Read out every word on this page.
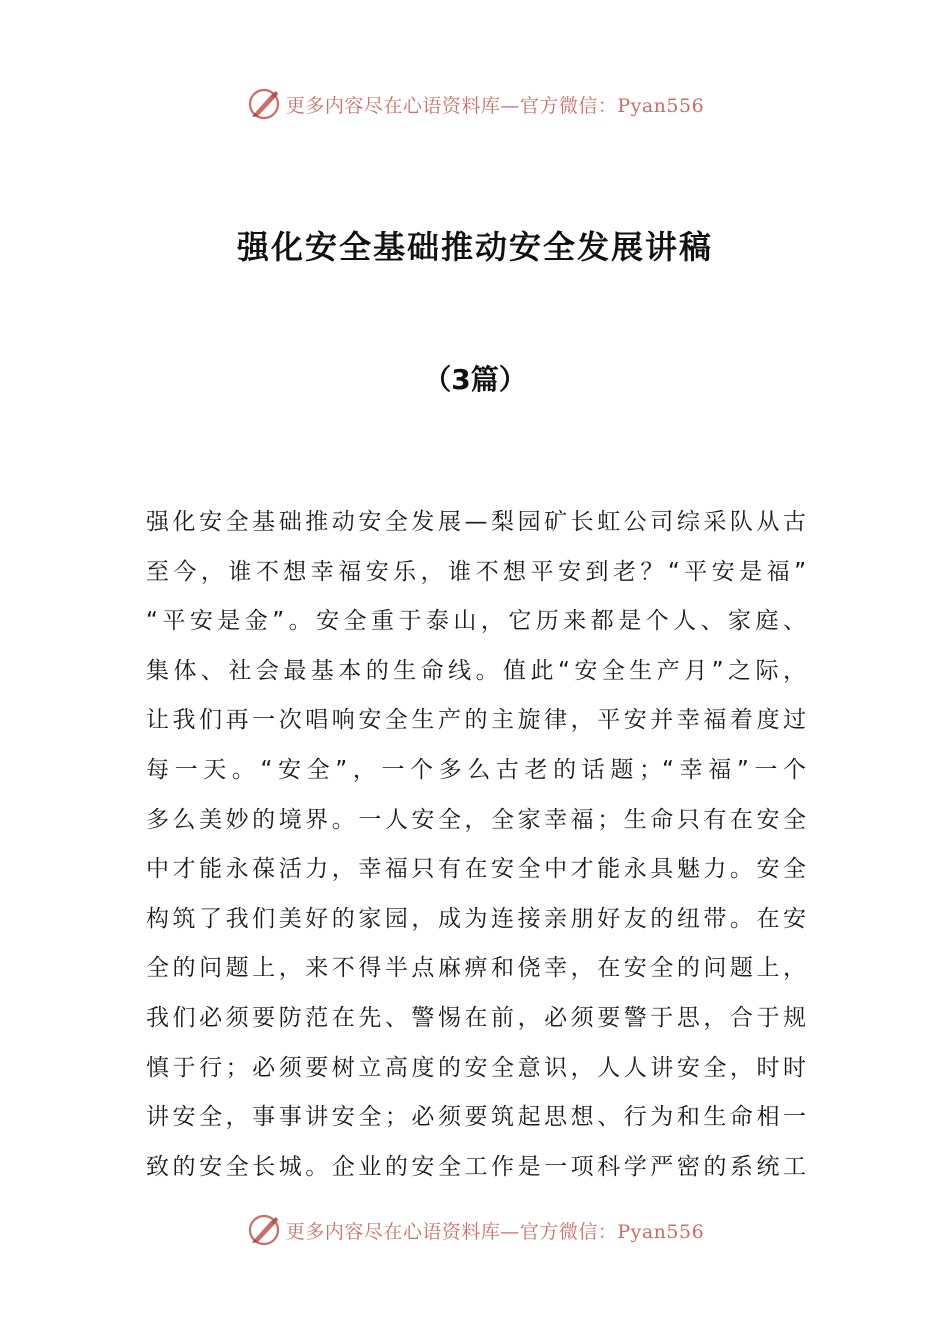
更多内容尽在心语资料库—官方微信：Pyan556
强化安全基础推动安全发展讲稿
（3篇）
强化安全基础推动安全发展—梨园矿长虹公司综采队从古
至今，谁不想幸福安乐，谁不想平安到老？“平安是福”
“平安是金”。安全重于泰山，它历来都是个人、家庭、
集体、社会最基本的生命线。值此“安全生产月”之际，
让我们再一次唱响安全生产的主旋律，平安并幸福着度过
每一天。“安全”，一个多么古老的话题；“幸福”一个
多么美妙的境界。一人安全，全家幸福；生命只有在安全
中才能永葆活力，幸福只有在安全中才能永具魅力。安全
构筑了我们美好的家园，成为连接亲朋好友的纽带。在安
全的问题上，来不得半点麻痹和侥幸，在安全的问题上，
我们必须要防范在先、警惕在前，必须要警于思，合于规
慎于行；必须要树立高度的安全意识，人人讲安全，时时
讲安全，事事讲安全；必须要筑起思想、行为和生命相一
致的安全长城。企业的安全工作是一项科学严密的系统工
更多内容尽在心语资料库—官方微信：Pyan556
